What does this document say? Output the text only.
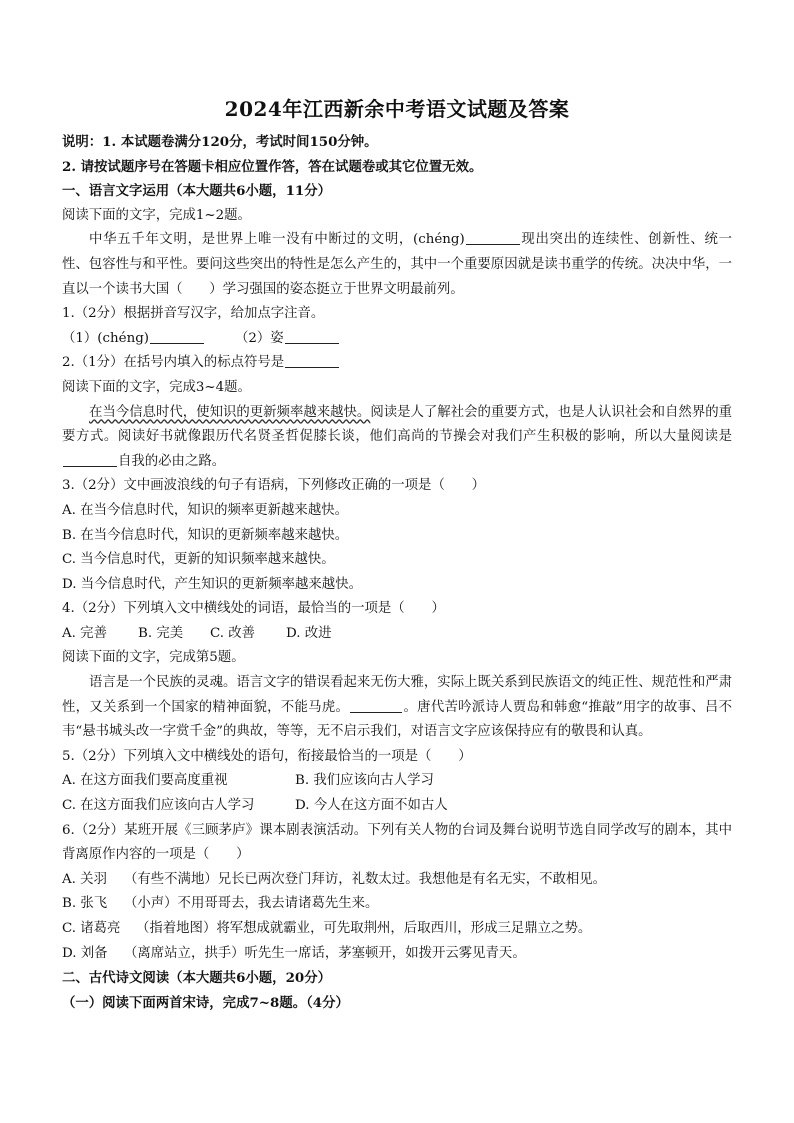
2024年江西新余中考语文试题及答案

说明：1. 本试题卷满分120分，考试时间150分钟。

2. 请按试题序号在答题卡相应位置作答，答在试题卷或其它位置无效。

一、语言文字运用（本大题共6小题，11分）

阅读下面的文字，完成1~2题。

中华五千年文明，是世界上唯一没有中断过的文明，(chéng)	现出突出的连续性、创新性、统一性、包容性与和平性。要问这些突出的特性是怎么产生的，其中一个重要原因就是读书重学的传统。决决中华，一直以一个读书大国（　　）学习强国的姿态挺立于世界文明最前列。

1.（2分）根据拼音写汉字，给加点字注音。

（1）(chéng)	（2）姿

2.（1分）在括号内填入的标点符号是

阅读下面的文字，完成3~4题。

在当今信息时代，使知识的更新频率越来越快。阅读是人了解社会的重要方式，也是人认识社会和自然界的重要方式。阅读好书就像跟历代名贤圣哲促膝长谈，他们高尚的节操会对我们产生积极的影响，所以大量阅读是自我的必由之路。

3.（2分）文中画波浪线的句子有语病，下列修改正确的一项是（　　）

A. 在当今信息时代，知识的频率更新越来越快。

B. 在当今信息时代，知识的更新频率越来越快。

C. 当今信息时代，更新的知识频率越来越快。

D. 当今信息时代，产生知识的更新频率越来越快。

4.（2分）下列填入文中横线处的词语，最恰当的一项是（　　）

A. 完善 B. 完美 C. 改善 D. 改进

阅读下面的文字，完成第5题。

语言是一个民族的灵魂。语言文字的错误看起来无伤大雅，实际上既关系到民族语文的纯正性、规范性和严肃性，又关系到一个国家的精神面貌，不能马虎。	。唐代苦吟派诗人贾岛和韩愈“推敲”用字的故事、吕不韦“悬书城头改一字赏千金”的典故，等等，无不启示我们，对语言文字应该保持应有的敬畏和认真。

5.（2分）下列填入文中横线处的语句，衔接最恰当的一项是（　　）

A. 在这方面我们要高度重视	B. 我们应该向古人学习
C. 在这方面我们应该向古人学习	D. 今人在这方面不如古人

6.（2分）某班开展《三顾茅庐》课本剧表演活动。下列有关人物的台词及舞台说明节选自同学改写的剧本，其中背离原作内容的一项是（　　）

A. 关羽 （有些不满地）兄长已两次登门拜访，礼数太过。我想他是有名无实，不敢相见。

B. 张飞 （小声）不用哥哥去，我去请诸葛先生来。

C. 诸葛亮 （指着地图）将军想成就霸业，可先取荆州，后取西川，形成三足鼎立之势。

D. 刘备 （离席站立，拱手）听先生一席话，茅塞顿开，如拨开云雾见青天。

二、古代诗文阅读（本大题共6小题，20分）

（一）阅读下面两首宋诗，完成7~8题。（4分）
